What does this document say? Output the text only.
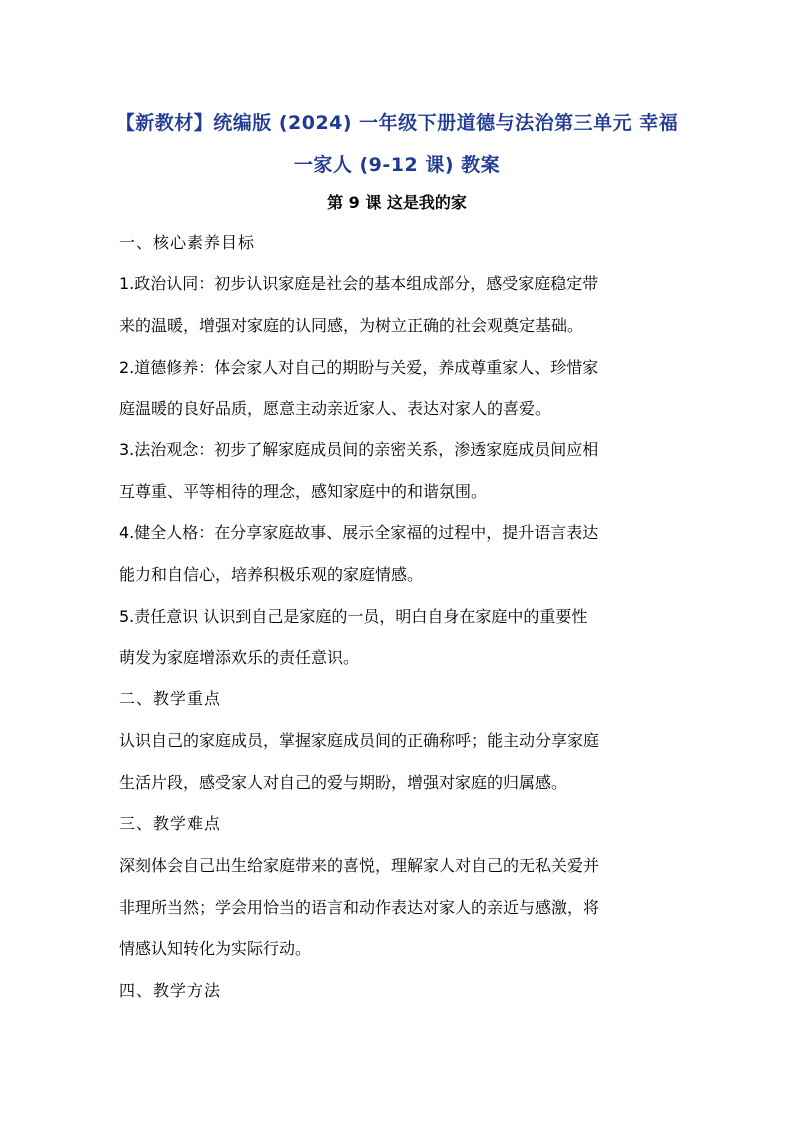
【新教材】统编版 (2024) 一年级下册道德与法治第三单元 幸福
一家人 (9-12 课) 教案
第 9 课 这是我的家
一、核心素养目标
1.政治认同：初步认识家庭是社会的基本组成部分，感受家庭稳定带
来的温暖，增强对家庭的认同感，为树立正确的社会观奠定基础。
2.道德修养：体会家人对自己的期盼与关爱，养成尊重家人、珍惜家
庭温暖的良好品质，愿意主动亲近家人、表达对家人的喜爱。
3.法治观念：初步了解家庭成员间的亲密关系，渗透家庭成员间应相
互尊重、平等相待的理念，感知家庭中的和谐氛围。
4.健全人格：在分享家庭故事、展示全家福的过程中，提升语言表达
能力和自信心，培养积极乐观的家庭情感。
5.责任意识 认识到自己是家庭的一员，明白自身在家庭中的重要性
萌发为家庭增添欢乐的责任意识。
二、教学重点
认识自己的家庭成员，掌握家庭成员间的正确称呼；能主动分享家庭
生活片段，感受家人对自己的爱与期盼，增强对家庭的归属感。
三、教学难点
深刻体会自己出生给家庭带来的喜悦，理解家人对自己的无私关爱并
非理所当然；学会用恰当的语言和动作表达对家人的亲近与感激，将
情感认知转化为实际行动。
四、教学方法
